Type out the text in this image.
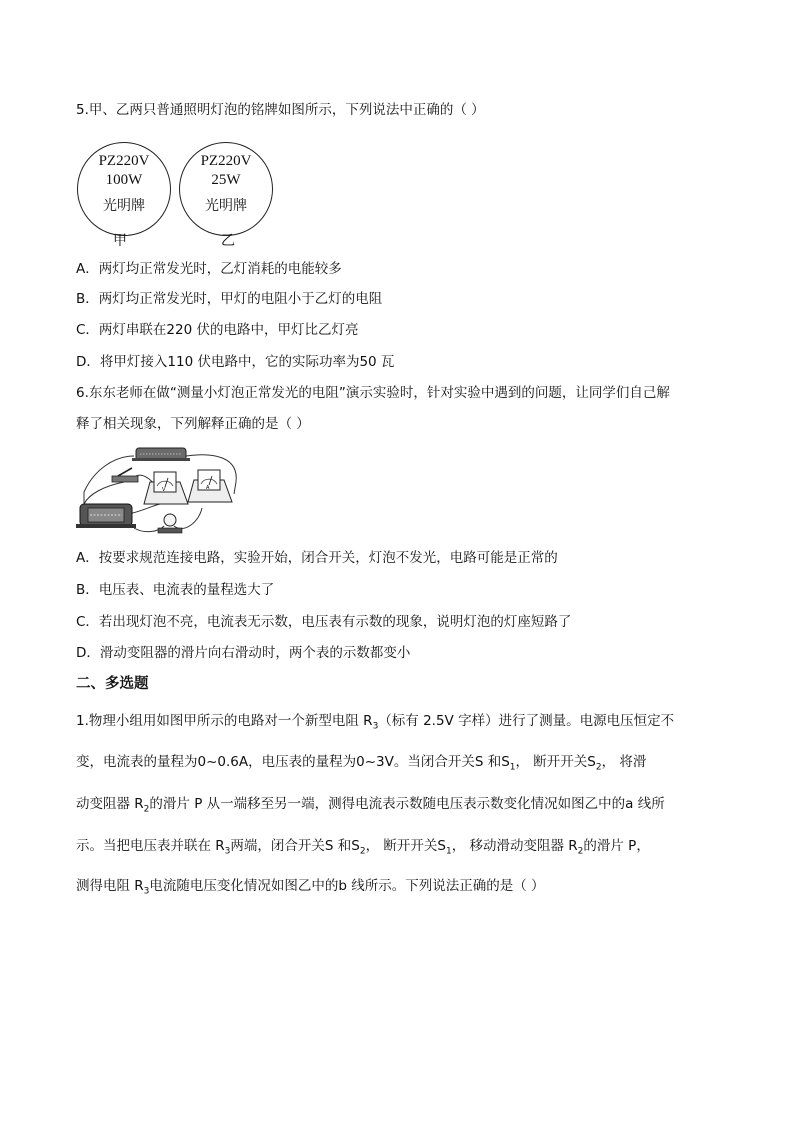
5.甲、乙两只普通照明灯泡的铭牌如图所示，下列说法中正确的（ ）
PZ220V
100W
光明牌
PZ220V
25W
光明牌
甲	乙
A．两灯均正常发光时，乙灯消耗的电能较多
B．两灯均正常发光时，甲灯的电阻小于乙灯的电阻
C．两灯串联在220 伏的电路中，甲灯比乙灯亮
D．将甲灯接入110 伏电路中，它的实际功率为50 瓦
6.东东老师在做“测量小灯泡正常发光的电阻”演示实验时，针对实验中遇到的问题，让同学们自己解
释了相关现象，下列解释正确的是（ ）
V	A
A．按要求规范连接电路，实验开始，闭合开关，灯泡不发光，电路可能是正常的
B．电压表、电流表的量程选大了
C．若出现灯泡不亮，电流表无示数，电压表有示数的现象，说明灯泡的灯座短路了
D．滑动变阻器的滑片向右滑动时，两个表的示数都变小
二、多选题
1.物理小组用如图甲所示的电路对一个新型电阻 $R_3$（标有 2.5V 字样）进行了测量。电源电压恒定不
变，电流表的量程为0~0.6A，电压表的量程为0~3V。当闭合开关S 和$S_1$， 断开开关$S_2$， 将滑
动变阻器 $R_2$的滑片 P 从一端移至另一端，测得电流表示数随电压表示数变化情况如图乙中的a 线所
示。当把电压表并联在 $R_3$两端，闭合开关S 和$S_2$， 断开开关$S_1$， 移动滑动变阻器 $R_2$的滑片 P，
测得电阻 $R_3$电流随电压变化情况如图乙中的b 线所示。下列说法正确的是（ ）
